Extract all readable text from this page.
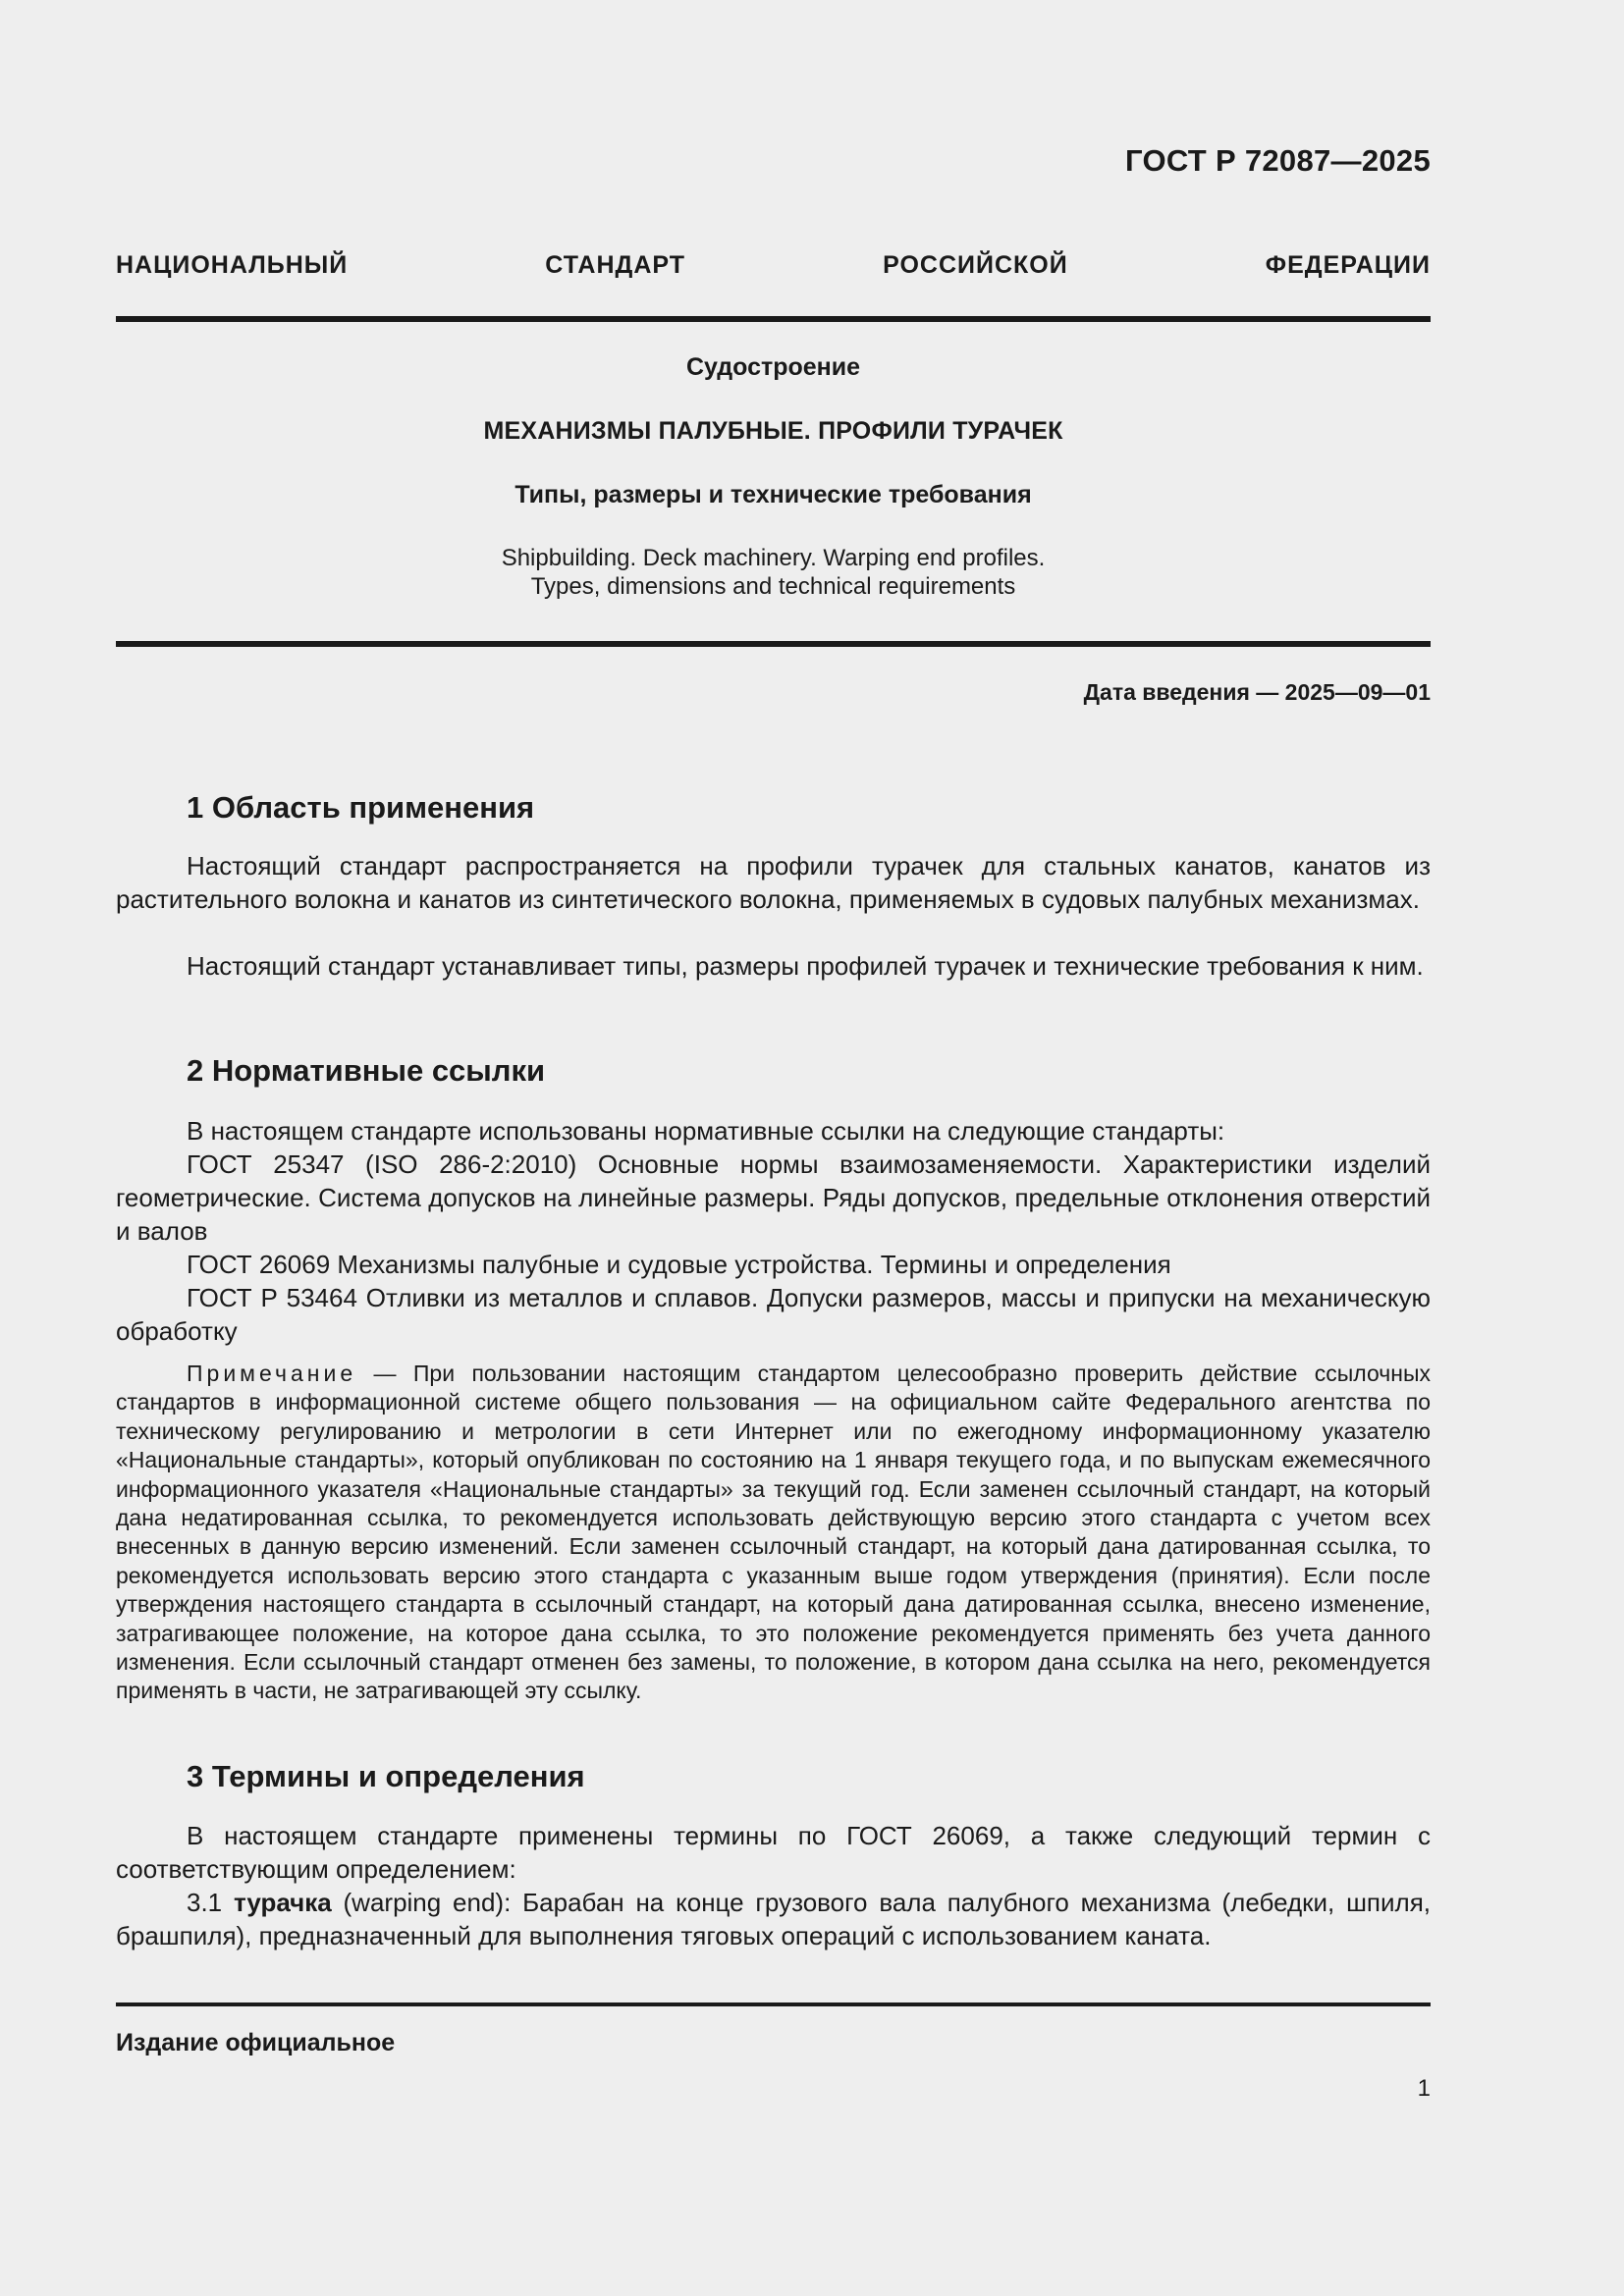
ГОСТ Р 72087—2025
НАЦИОНАЛЬНЫЙ СТАНДАРТ РОССИЙСКОЙ ФЕДЕРАЦИИ
Судостроение
МЕХАНИЗМЫ ПАЛУБНЫЕ. ПРОФИЛИ ТУРАЧЕК
Типы, размеры и технические требования
Shipbuilding. Deck machinery. Warping end profiles.
Types, dimensions and technical requirements
Дата введения — 2025—09—01
1 Область применения

Настоящий стандарт распространяется на профили турачек для стальных канатов, канатов из растительного волокна и канатов из синтетического волокна, применяемых в судовых палубных механизмах.

Настоящий стандарт устанавливает типы, размеры профилей турачек и технические требования к ним.

2 Нормативные ссылки

В настоящем стандарте использованы нормативные ссылки на следующие стандарты:

ГОСТ 25347 (ISO 286-2:2010) Основные нормы взаимозаменяемости. Характеристики изделий геометрические. Система допусков на линейные размеры. Ряды допусков, предельные отклонения отверстий и валов

ГОСТ 26069 Механизмы палубные и судовые устройства. Термины и определения

ГОСТ Р 53464 Отливки из металлов и сплавов. Допуски размеров, массы и припуски на механическую обработку

Примечание — При пользовании настоящим стандартом целесообразно проверить действие ссылочных стандартов в информационной системе общего пользования — на официальном сайте Федерального агентства по техническому регулированию и метрологии в сети Интернет или по ежегодному информационному указателю «Национальные стандарты», который опубликован по состоянию на 1 января текущего года, и по выпускам ежемесячного информационного указателя «Национальные стандарты» за текущий год. Если заменен ссылочный стандарт, на который дана недатированная ссылка, то рекомендуется использовать действующую версию этого стандарта с учетом всех внесенных в данную версию изменений. Если заменен ссылочный стандарт, на который дана датированная ссылка, то рекомендуется использовать версию этого стандарта с указанным выше годом утверждения (принятия). Если после утверждения настоящего стандарта в ссылочный стандарт, на который дана датированная ссылка, внесено изменение, затрагивающее положение, на которое дана ссылка, то это положение рекомендуется применять без учета данного изменения. Если ссылочный стандарт отменен без замены, то положение, в котором дана ссылка на него, рекомендуется применять в части, не затрагивающей эту ссылку.

3 Термины и определения

В настоящем стандарте применены термины по ГОСТ 26069, а также следующий термин с соответствующим определением:

3.1 турачка (warping end): Барабан на конце грузового вала палубного механизма (лебедки, шпиля, брашпиля), предназначенный для выполнения тяговых операций с использованием каната.

Издание официальное
1
